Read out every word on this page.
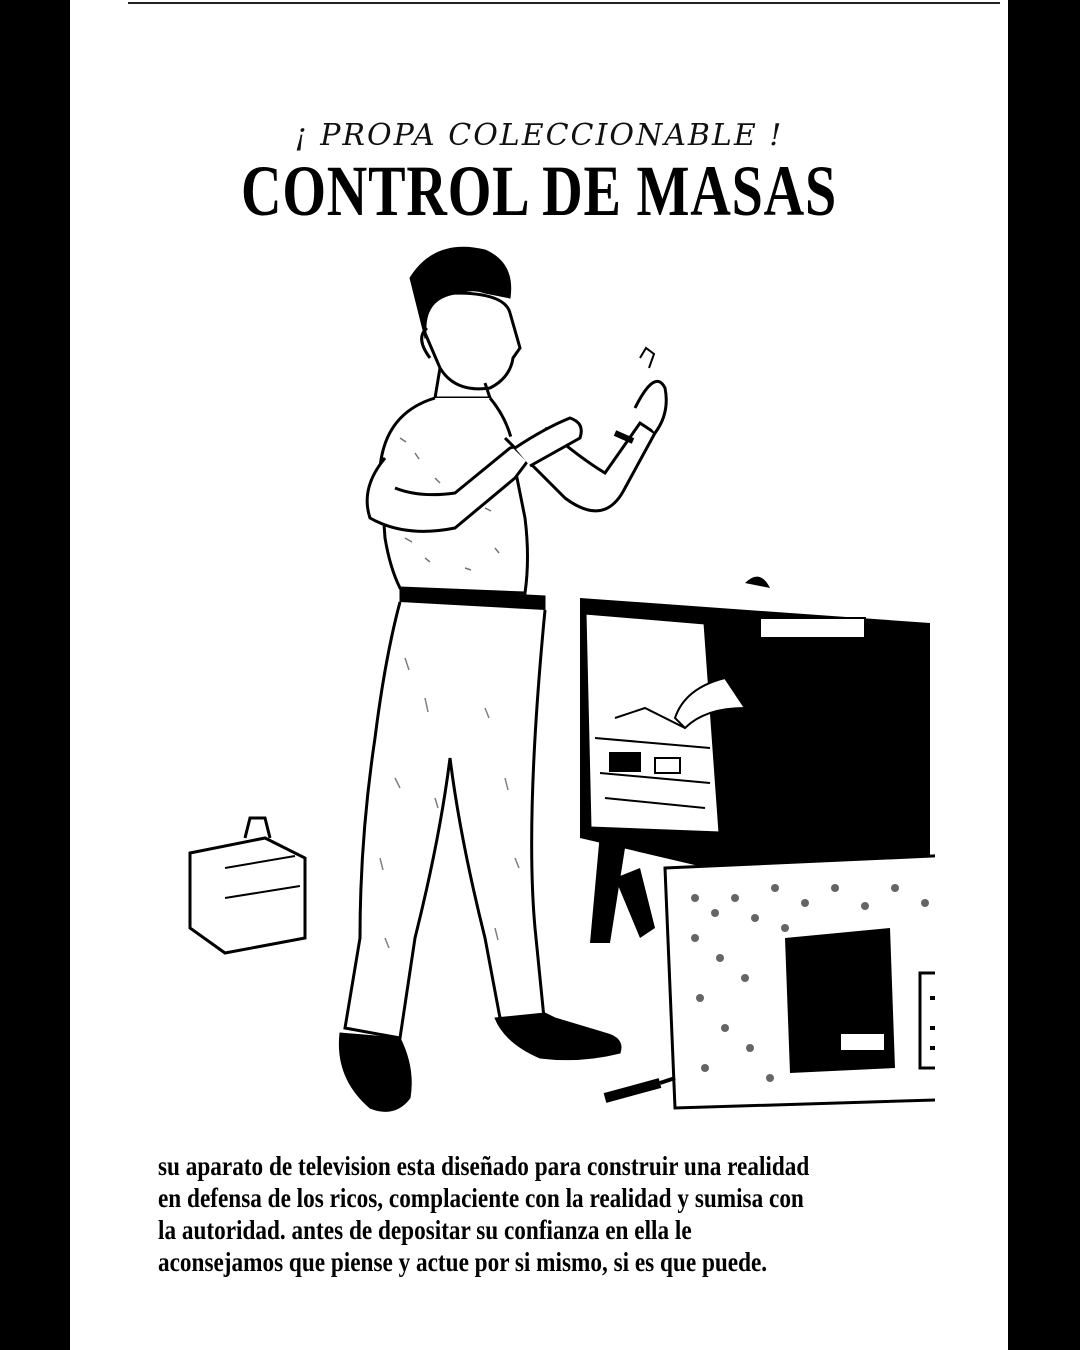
¡ PROPA COLECCIONABLE !
CONTROL DE MASAS
su aparato de television esta diseñado para construir una realidad
en defensa de los ricos, complaciente con la realidad y sumisa con
la autoridad. antes de depositar su confianza en ella le
aconsejamos que piense y actue por si mismo, si es que puede.
